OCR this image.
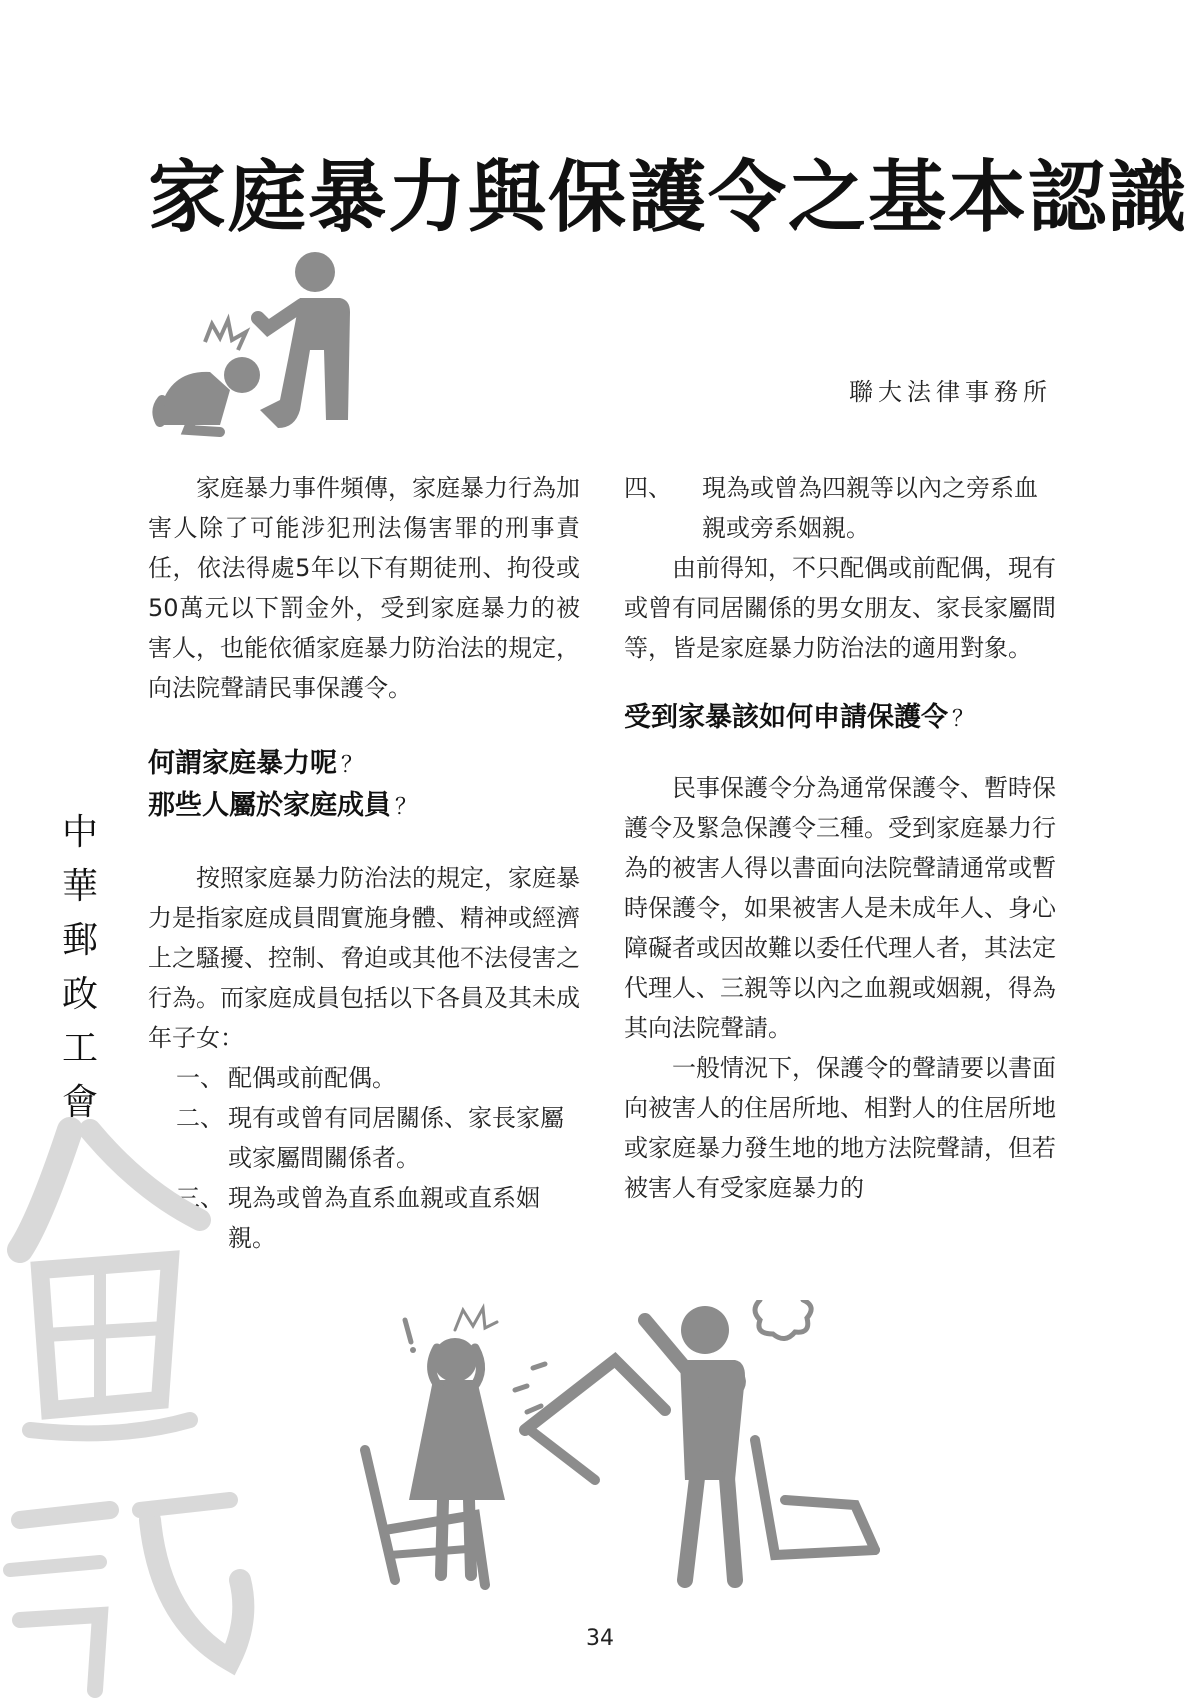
家庭暴力與保護令之基本認識
聯大法律事務所

家庭暴力事件頻傳，家庭暴力行為加害人除了可能涉犯刑法傷害罪的刑事責任，依法得處5年以下有期徒刑、拘役或50萬元以下罰金外，受到家庭暴力的被害人，也能依循家庭暴力防治法的規定，向法院聲請民事保護令。

何謂家庭暴力呢 ？
那些人屬於家庭成員 ？

按照家庭暴力防治法的規定，家庭暴力是指家庭成員間實施身體、精神或經濟上之騷擾、控制、脅迫或其他不法侵害之行為。而家庭成員包括以下各員及其未成年子女：

一、 配偶或前配偶。
二、 現有或曾有同居關係、家長家屬或家屬間關係者。
三、 現為或曾為直系血親或直系姻親。
四、 現為或曾為四親等以內之旁系血親或旁系姻親。

由前得知，不只配偶或前配偶，現有或曾有同居關係的男女朋友、家長家屬間等，皆是家庭暴力防治法的適用對象。

受到家暴該如何申請保護令 ？

民事保護令分為通常保護令、暫時保護令及緊急保護令三種。受到家庭暴力行為的被害人得以書面向法院聲請通常或暫時保護令，如果被害人是未成年人、身心障礙者或因故難以委任代理人者，其法定代理人、三親等以內之血親或姻親，得為其向法院聲請。

一般情況下，保護令的聲請要以書面向被害人的住居所地、相對人的住居所地或家庭暴力發生地的地方法院聲請，但若被害人有受家庭暴力的

中
華
郵
政
工
會
34
